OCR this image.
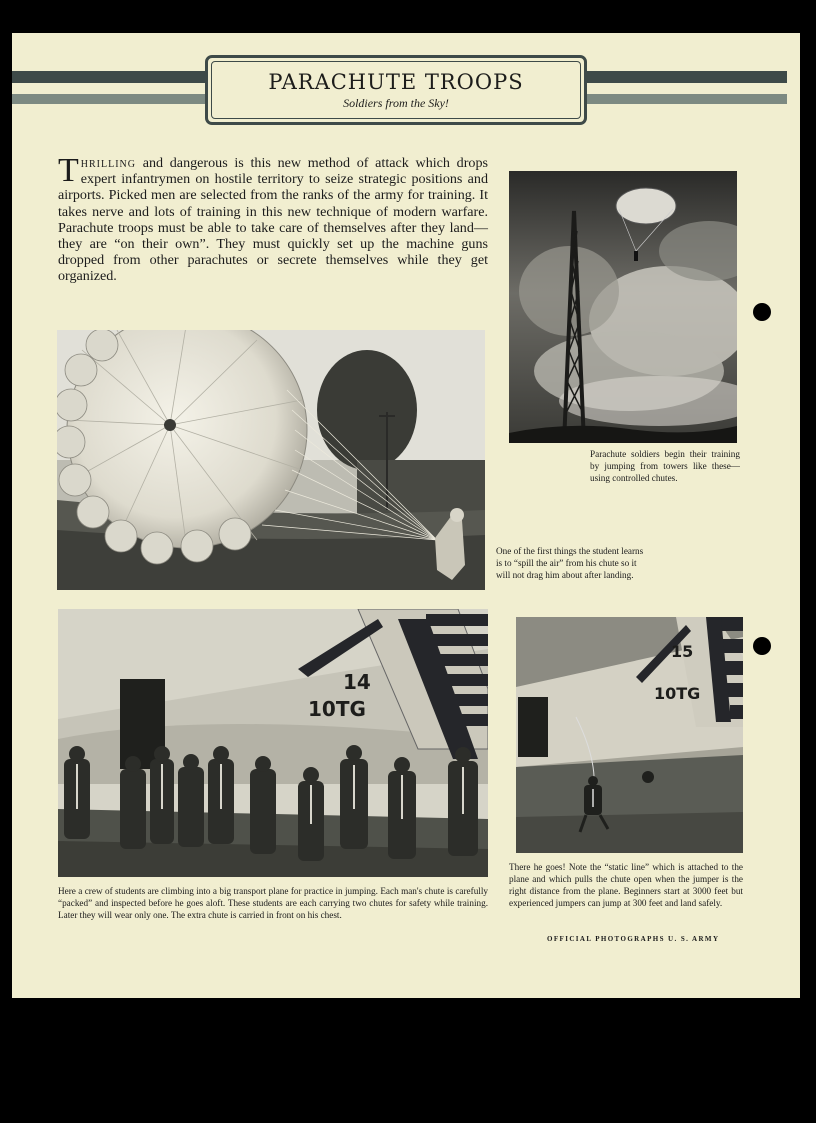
PARACHUTE TROOPS
Soldiers from the Sky!

Thrilling and dangerous is this new method of attack which drops expert infantrymen on hostile territory to seize strategic positions and airports. Picked men are selected from the ranks of the army for training. It takes nerve and lots of training in this new technique of modern warfare. Parachute troops must be able to take care of themselves after they land—they are “on their own”. They must quickly set up the machine guns dropped from other parachutes or secrete themselves while they get organized.

Parachute soldiers begin their training by jumping from towers like these—using controlled chutes.

One of the first things the student learns is to “spill the air” from his chute so it will not drag him about after landing.

14
10TG

Here a crew of students are climbing into a big transport plane for practice in jumping. Each man's chute is carefully “packed” and inspected before he goes aloft. These students are each carrying two chutes for safety while training. Later they will wear only one. The extra chute is carried in front on his chest.

15
10TG

There he goes! Note the “static line” which is attached to the plane and which pulls the chute open when the jumper is the right distance from the plane. Beginners start at 3000 feet but experienced jumpers can jump at 300 feet and land safely.

OFFICIAL PHOTOGRAPHS U. S. ARMY
